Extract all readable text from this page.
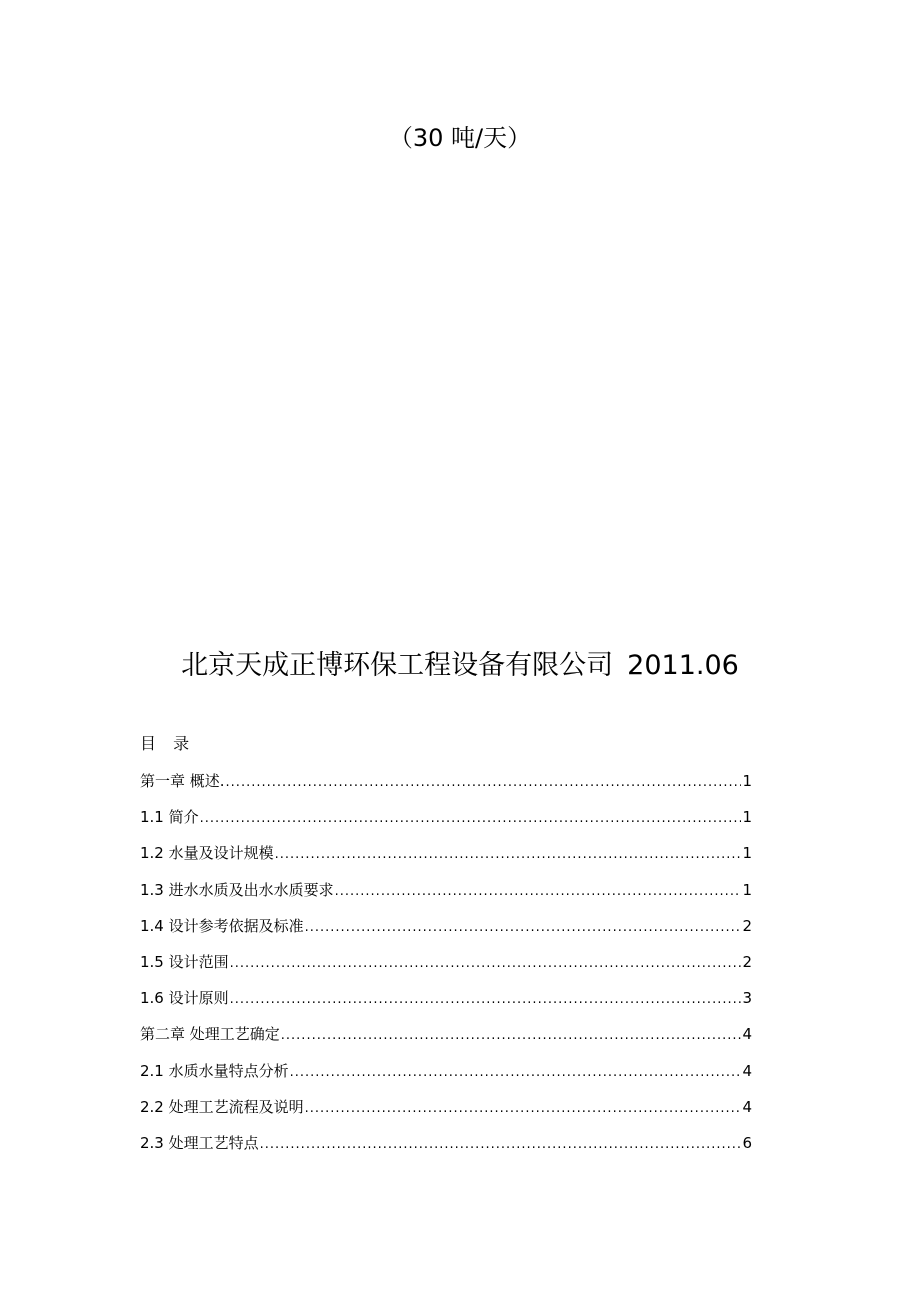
（30 吨/天）
北京天成正博环保工程设备有限公司 2011.06
目 录
第一章 概述. .....	1
1.1 简介 .....	1
1.2 水量及设计规模 .....	1
1.3 进水水质及出水水质要求 .....	1
1.4 设计参考依据及标准 .....	2
1.5 设计范围 .....	2
1.6 设计原则 .....	3
第二章 处理工艺确定 .....	4
2.1 水质水量特点分析 .....	4
2.2 处理工艺流程及说明 .....	4
2.3 处理工艺特点 .....	6
